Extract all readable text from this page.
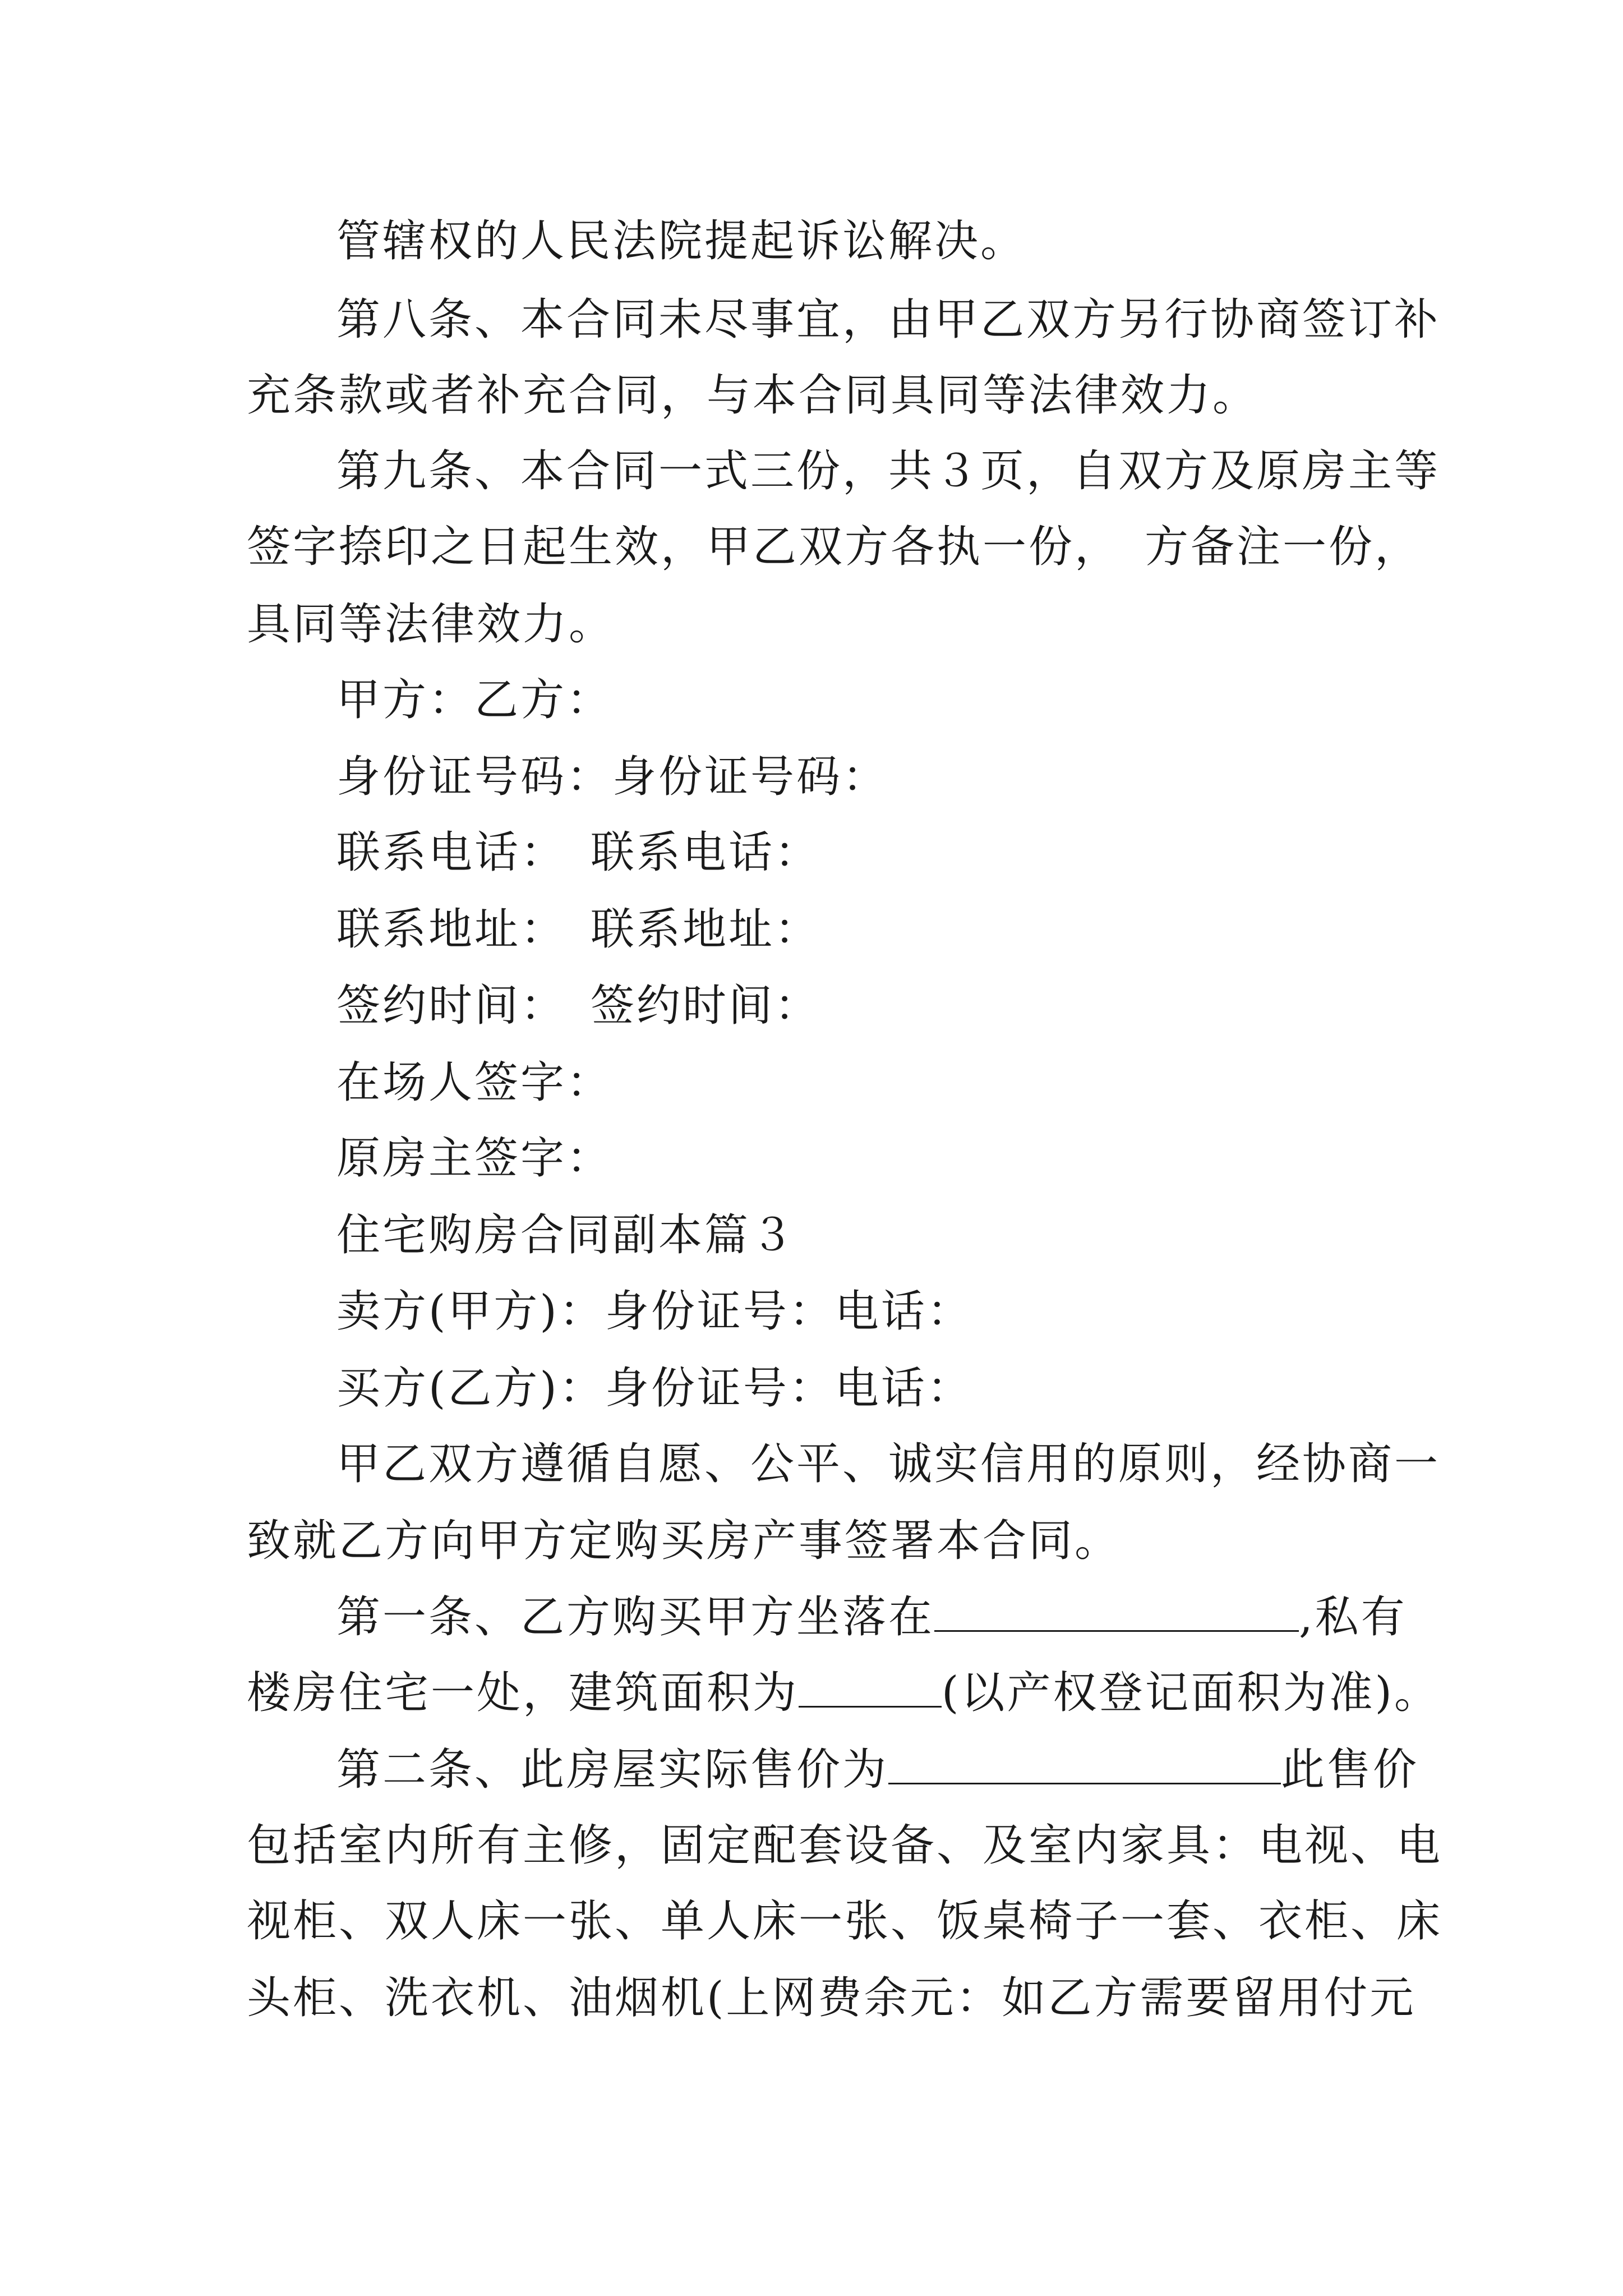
管辖权的人民法院提起诉讼解决。
第八条、本合同未尽事宜，由甲乙双方另行协商签订补
充条款或者补充合同，与本合同具同等法律效力。
第九条、本合同一式三份，共３页，自双方及原房主等
签字捺印之日起生效，甲乙双方各执一份，　方备注一份，
具同等法律效力。
甲方：乙方：
身份证号码：身份证号码：
联系电话：　联系电话：
联系地址：　联系地址：
签约时间：　签约时间：
在场人签字：
原房主签字：
住宅购房合同副本篇３
卖方(甲方)：身份证号：电话：
买方(乙方)：身份证号：电话：
甲乙双方遵循自愿、公平、诚实信用的原则，经协商一
致就乙方向甲方定购买房产事签署本合同。
第一条、乙方购买甲方坐落在	,私有
楼房住宅一处，建筑面积为	(以产权登记面积为准)。
第二条、此房屋实际售价为	此售价
包括室内所有主修，固定配套设备、及室内家具：电视、电
视柜、双人床一张、单人床一张、饭桌椅子一套、衣柜、床
头柜、洗衣机、油烟机(上网费余元：如乙方需要留用付元
